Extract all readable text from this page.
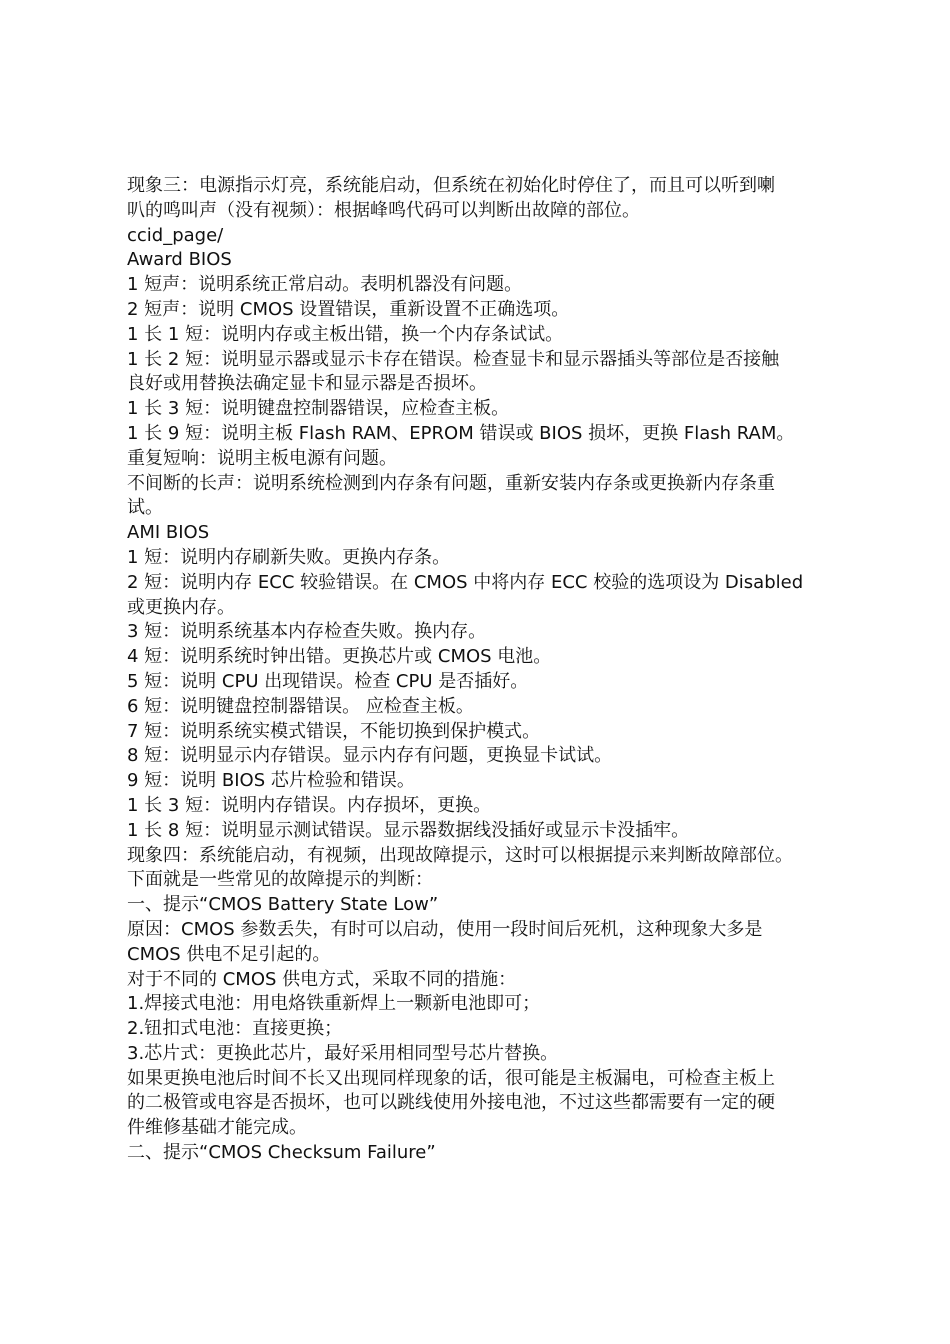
现象三：电源指示灯亮，系统能启动，但系统在初始化时停住了，而且可以听到喇
叭的鸣叫声（没有视频）：根据峰鸣代码可以判断出故障的部位。
ccid_page/
Award BIOS
1 短声：说明系统正常启动。表明机器没有问题。
2 短声：说明 CMOS 设置错误，重新设置不正确选项。
1 长 1 短：说明内存或主板出错，换一个内存条试试。
1 长 2 短：说明显示器或显示卡存在错误。检查显卡和显示器插头等部位是否接触
良好或用替换法确定显卡和显示器是否损坏。
1 长 3 短：说明键盘控制器错误，应检查主板。
1 长 9 短：说明主板 Flash RAM、EPROM 错误或 BIOS 损坏，更换 Flash RAM。
重复短响：说明主板电源有问题。
不间断的长声：说明系统检测到内存条有问题，重新安装内存条或更换新内存条重
试。
AMI BIOS
1 短：说明内存刷新失败。更换内存条。
2 短：说明内存 ECC 较验错误。在 CMOS 中将内存 ECC 校验的选项设为 Disabled
或更换内存。
3 短：说明系统基本内存检查失败。换内存。
4 短：说明系统时钟出错。更换芯片或 CMOS 电池。
5 短：说明 CPU 出现错误。检查 CPU 是否插好。
6 短：说明键盘控制器错误。 应检查主板。
7 短：说明系统实模式错误，不能切换到保护模式。
8 短：说明显示内存错误。显示内存有问题，更换显卡试试。
9 短：说明 BIOS 芯片检验和错误。
1 长 3 短：说明内存错误。内存损坏，更换。
1 长 8 短：说明显示测试错误。显示器数据线没插好或显示卡没插牢。
现象四：系统能启动，有视频，出现故障提示，这时可以根据提示来判断故障部位。
下面就是一些常见的故障提示的判断：
一、提示“CMOS Battery State Low”
原因：CMOS 参数丢失，有时可以启动，使用一段时间后死机，这种现象大多是
CMOS 供电不足引起的。
对于不同的 CMOS 供电方式，采取不同的措施：
1.焊接式电池：用电烙铁重新焊上一颗新电池即可；
2.钮扣式电池：直接更换；
3.芯片式：更换此芯片，最好采用相同型号芯片替换。
如果更换电池后时间不长又出现同样现象的话，很可能是主板漏电，可检查主板上
的二极管或电容是否损坏，也可以跳线使用外接电池，不过这些都需要有一定的硬
件维修基础才能完成。
二、提示“CMOS Checksum Failure”
